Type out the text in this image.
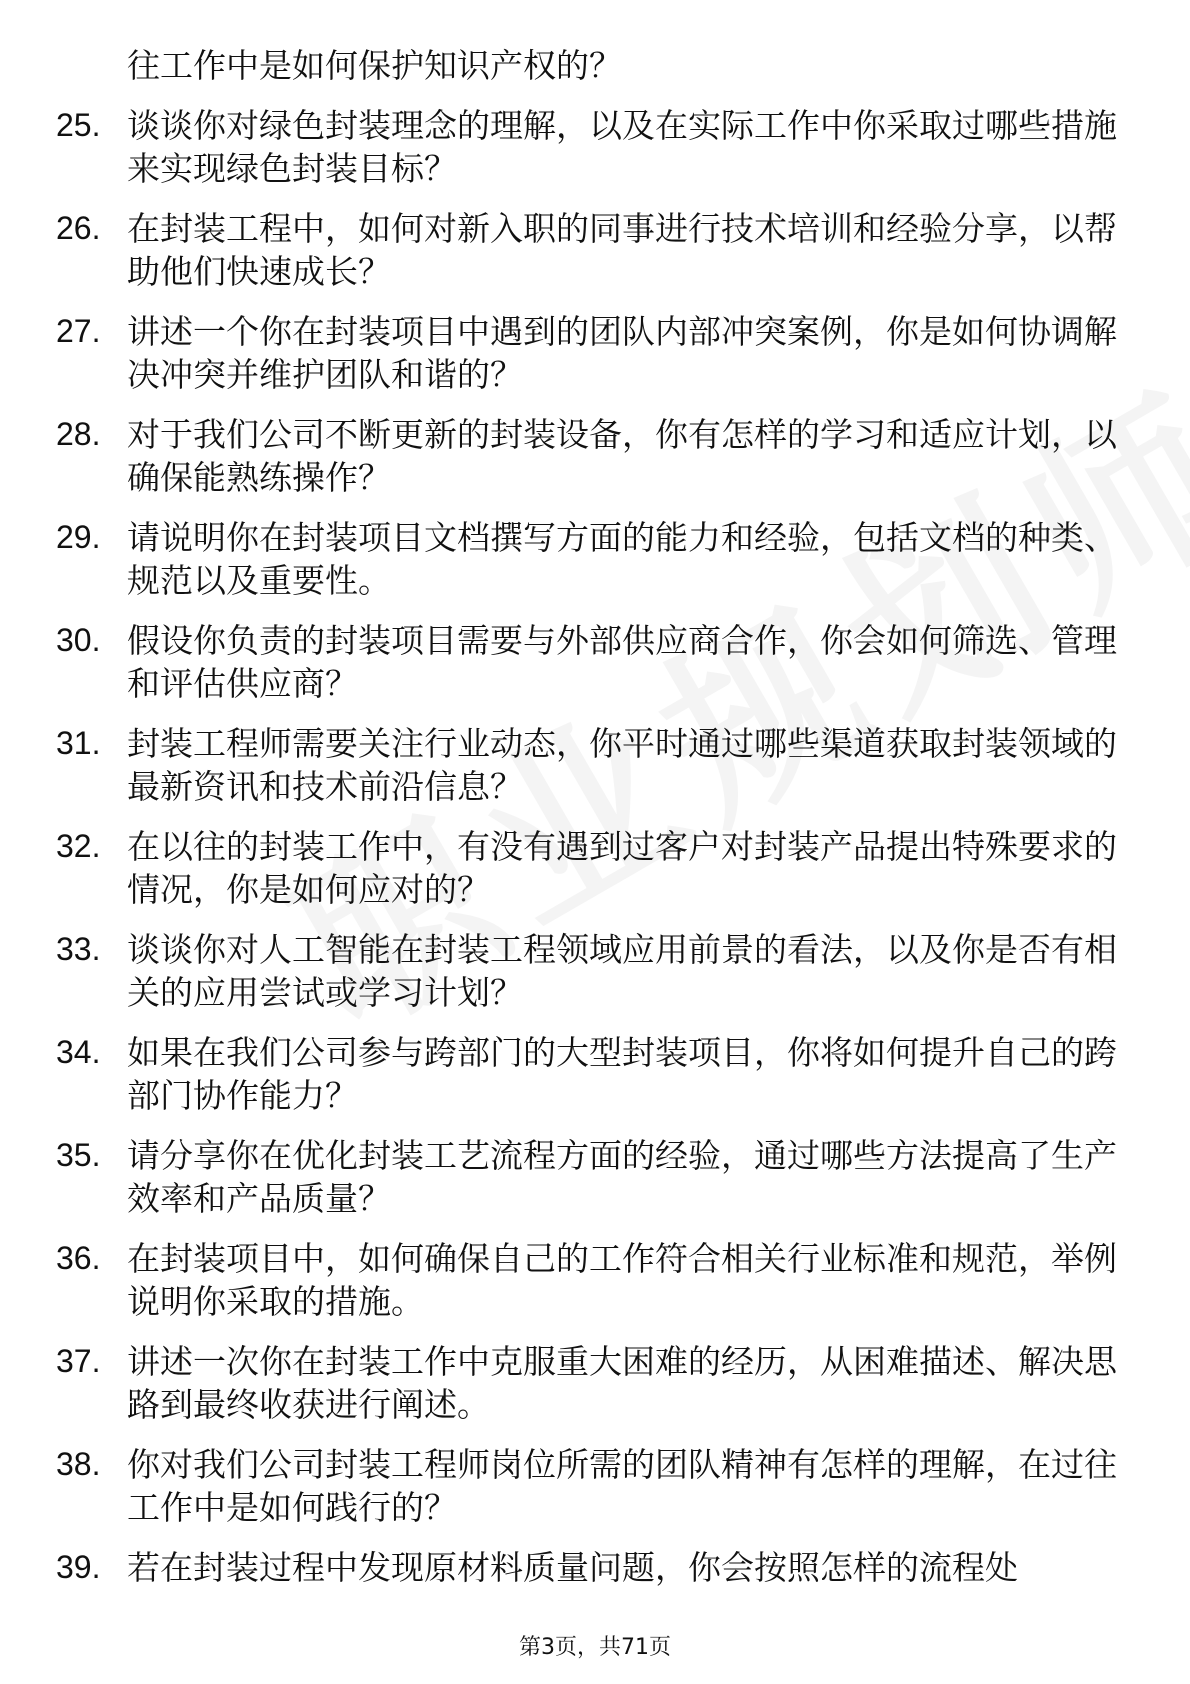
往工作中是如何保护知识产权的？
25. 谈谈你对绿色封装理念的理解，以及在实际工作中你采取过哪些措施来实现绿色封装目标？
26. 在封装工程中，如何对新入职的同事进行技术培训和经验分享，以帮助他们快速成长？
27. 讲述一个你在封装项目中遇到的团队内部冲突案例，你是如何协调解决冲突并维护团队和谐的？
28. 对于我们公司不断更新的封装设备，你有怎样的学习和适应计划，以确保能熟练操作？
29. 请说明你在封装项目文档撰写方面的能力和经验，包括文档的种类、规范以及重要性。
30. 假设你负责的封装项目需要与外部供应商合作，你会如何筛选、管理和评估供应商？
31. 封装工程师需要关注行业动态，你平时通过哪些渠道获取封装领域的最新资讯和技术前沿信息？
32. 在以往的封装工作中，有没有遇到过客户对封装产品提出特殊要求的情况，你是如何应对的？
33. 谈谈你对人工智能在封装工程领域应用前景的看法，以及你是否有相关的应用尝试或学习计划？
34. 如果在我们公司参与跨部门的大型封装项目，你将如何提升自己的跨部门协作能力？
35. 请分享你在优化封装工艺流程方面的经验，通过哪些方法提高了生产效率和产品质量？
36. 在封装项目中，如何确保自己的工作符合相关行业标准和规范，举例说明你采取的措施。
37. 讲述一次你在封装工作中克服重大困难的经历，从困难描述、解决思路到最终收获进行阐述。
38. 你对我们公司封装工程师岗位所需的团队精神有怎样的理解，在过往工作中是如何践行的？
39. 若在封装过程中发现原材料质量问题，你会按照怎样的流程处
第3页，共71页
